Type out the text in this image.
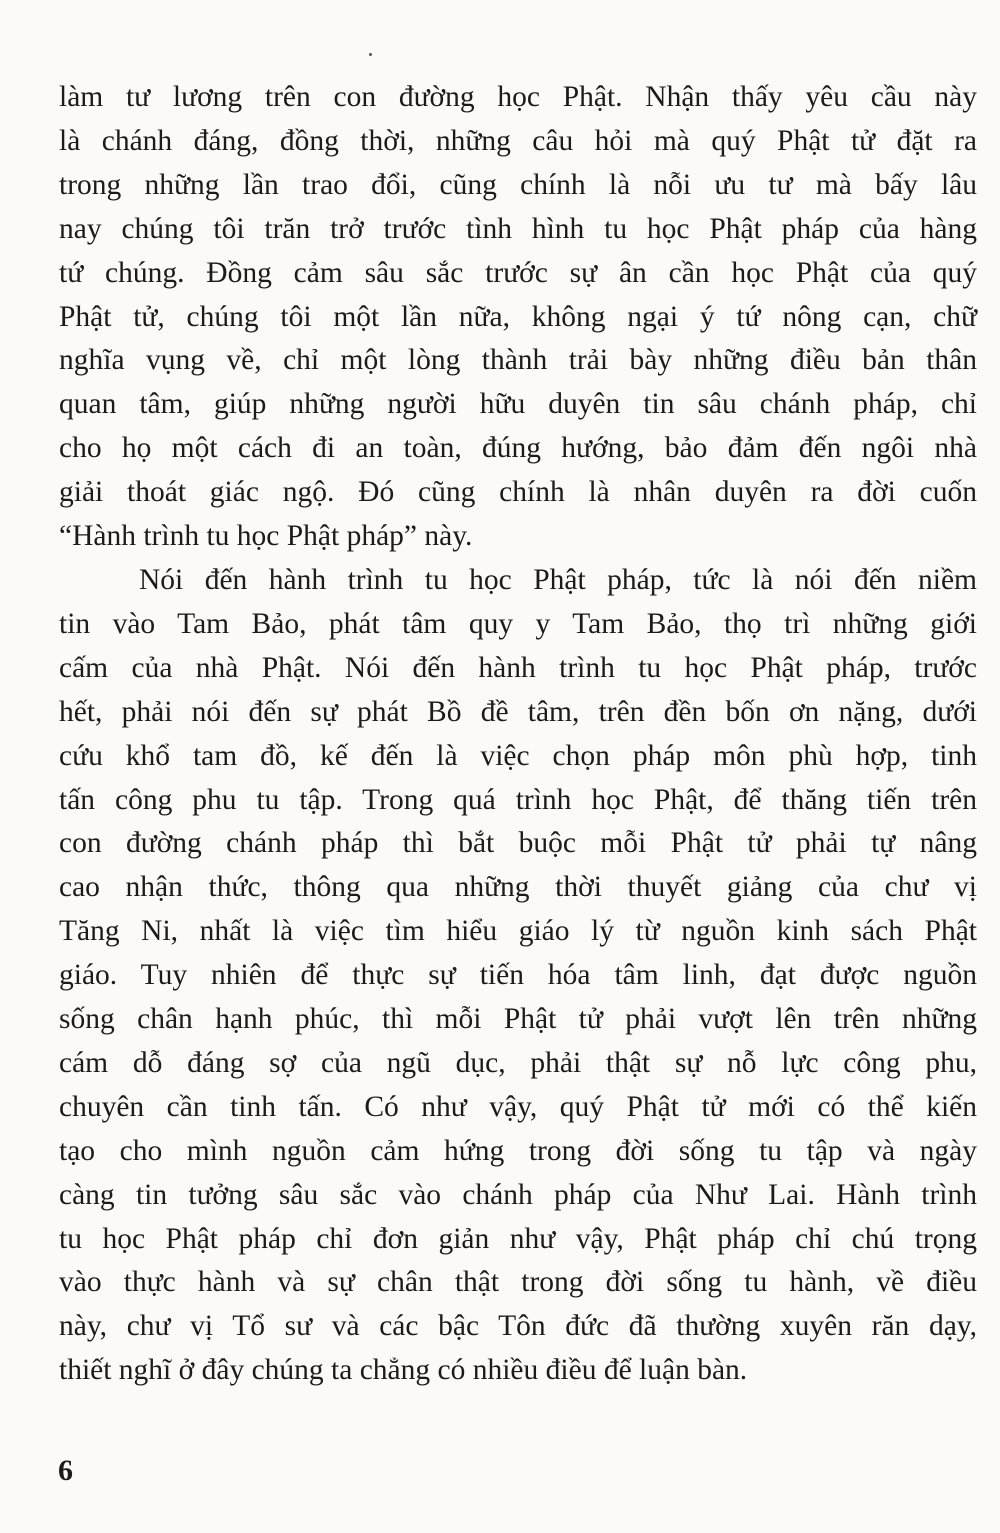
làm tư lương trên con đường học Phật. Nhận thấy yêu cầu này
là chánh đáng, đồng thời, những câu hỏi mà quý Phật tử đặt ra
trong những lần trao đổi, cũng chính là nỗi ưu tư mà bấy lâu
nay chúng tôi trăn trở trước tình hình tu học Phật pháp của hàng
tứ chúng. Đồng cảm sâu sắc trước sự ân cần học Phật của quý
Phật tử, chúng tôi một lần nữa, không ngại ý tứ nông cạn, chữ
nghĩa vụng về, chỉ một lòng thành trải bày những điều bản thân
quan tâm, giúp những người hữu duyên tin sâu chánh pháp, chỉ
cho họ một cách đi an toàn, đúng hướng, bảo đảm đến ngôi nhà
giải thoát giác ngộ. Đó cũng chính là nhân duyên ra đời cuốn
“Hành trình tu học Phật pháp” này.
Nói đến hành trình tu học Phật pháp, tức là nói đến niềm
tin vào Tam Bảo, phát tâm quy y Tam Bảo, thọ trì những giới
cấm của nhà Phật. Nói đến hành trình tu học Phật pháp, trước
hết, phải nói đến sự phát Bồ đề tâm, trên đền bốn ơn nặng, dưới
cứu khổ tam đồ, kế đến là việc chọn pháp môn phù hợp, tinh
tấn công phu tu tập. Trong quá trình học Phật, để thăng tiến trên
con đường chánh pháp thì bắt buộc mỗi Phật tử phải tự nâng
cao nhận thức, thông qua những thời thuyết giảng của chư vị
Tăng Ni, nhất là việc tìm hiểu giáo lý từ nguồn kinh sách Phật
giáo. Tuy nhiên để thực sự tiến hóa tâm linh, đạt được nguồn
sống chân hạnh phúc, thì mỗi Phật tử phải vượt lên trên những
cám dỗ đáng sợ của ngũ dục, phải thật sự nỗ lực công phu,
chuyên cần tinh tấn. Có như vậy, quý Phật tử mới có thể kiến
tạo cho mình nguồn cảm hứng trong đời sống tu tập và ngày
càng tin tưởng sâu sắc vào chánh pháp của Như Lai. Hành trình
tu học Phật pháp chỉ đơn giản như vậy, Phật pháp chỉ chú trọng
vào thực hành và sự chân thật trong đời sống tu hành, về điều
này, chư vị Tổ sư và các bậc Tôn đức đã thường xuyên răn dạy,
thiết nghĩ ở đây chúng ta chẳng có nhiều điều để luận bàn.
6
